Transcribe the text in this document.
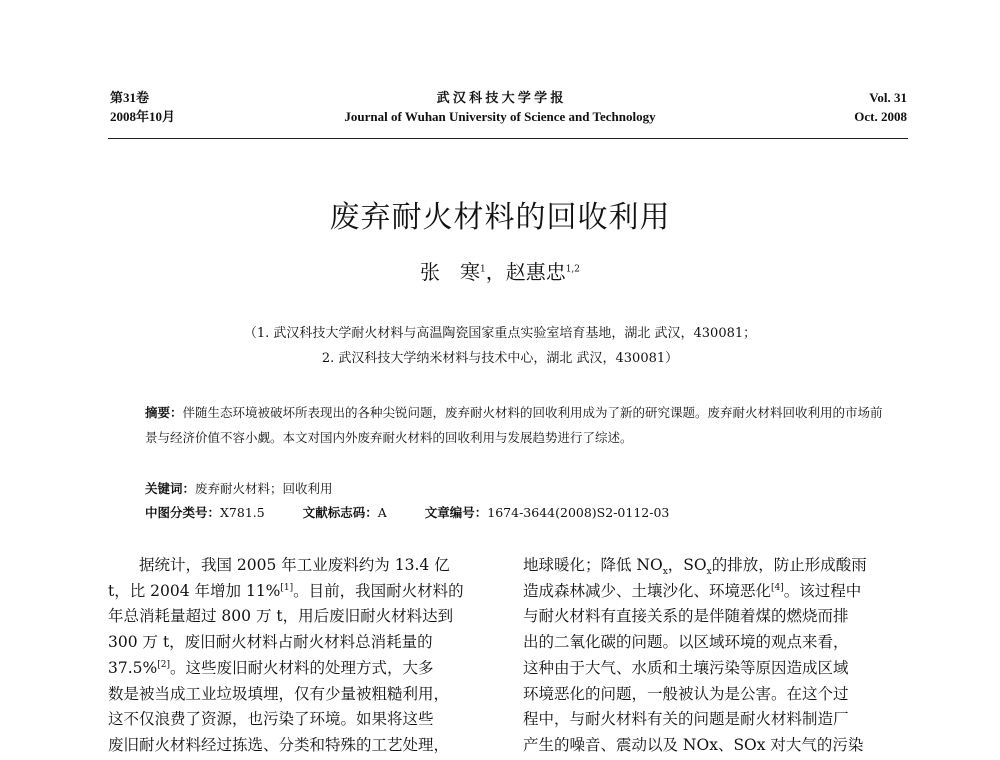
第31卷
2008年10月
武 汉 科 技 大 学 学 报
Journal of Wuhan University of Science and Technology
Vol. 31
Oct. 2008
废弃耐火材料的回收利用
张　寒$^1$，赵惠忠$^{1,2}$
（1. 武汉科技大学耐火材料与高温陶瓷国家重点实验室培育基地，湖北 武汉，430081；
2. 武汉科技大学纳米材料与技术中心，湖北 武汉，430081）
摘要：伴随生态环境被破坏所表现出的各种尖锐问题，废弃耐火材料的回收利用成为了新的研究课题。废弃耐火材料回收利用的市场前景与经济价值不容小觑。本文对国内外废弃耐火材料的回收利用与发展趋势进行了综述。
关键词：废弃耐火材料；回收利用
中图分类号：X781.5	文献标志码：A	文章编号：1674-3644(2008)S2-0112-03

　　据统计，我国 2005 年工业废料约为 13.4 亿

t，比 2004 年增加 11%[1]。目前，我国耐火材料的

年总消耗量超过 800 万 t，用后废旧耐火材料达到

300 万 t，废旧耐火材料占耐火材料总消耗量的

37.5%[2]。这些废旧耐火材料的处理方式，大多

数是被当成工业垃圾填埋，仅有少量被粗糙利用，

这不仅浪费了资源，也污染了环境。如果将这些

废旧耐火材料经过拣选、分类和特殊的工艺处理，

地球暖化；降低 $NO_x$，$SO_x$的排放，防止形成酸雨

造成森林减少、土壤沙化、环境恶化[4]。该过程中

与耐火材料有直接关系的是伴随着煤的燃烧而排

出的二氧化碳的问题。以区域环境的观点来看，

这种由于大气、水质和土壤污染等原因造成区域

环境恶化的问题，一般被认为是公害。在这个过

程中，与耐火材料有关的问题是耐火材料制造厂

产生的噪音、震动以及 NOx、SOx 对大气的污染
